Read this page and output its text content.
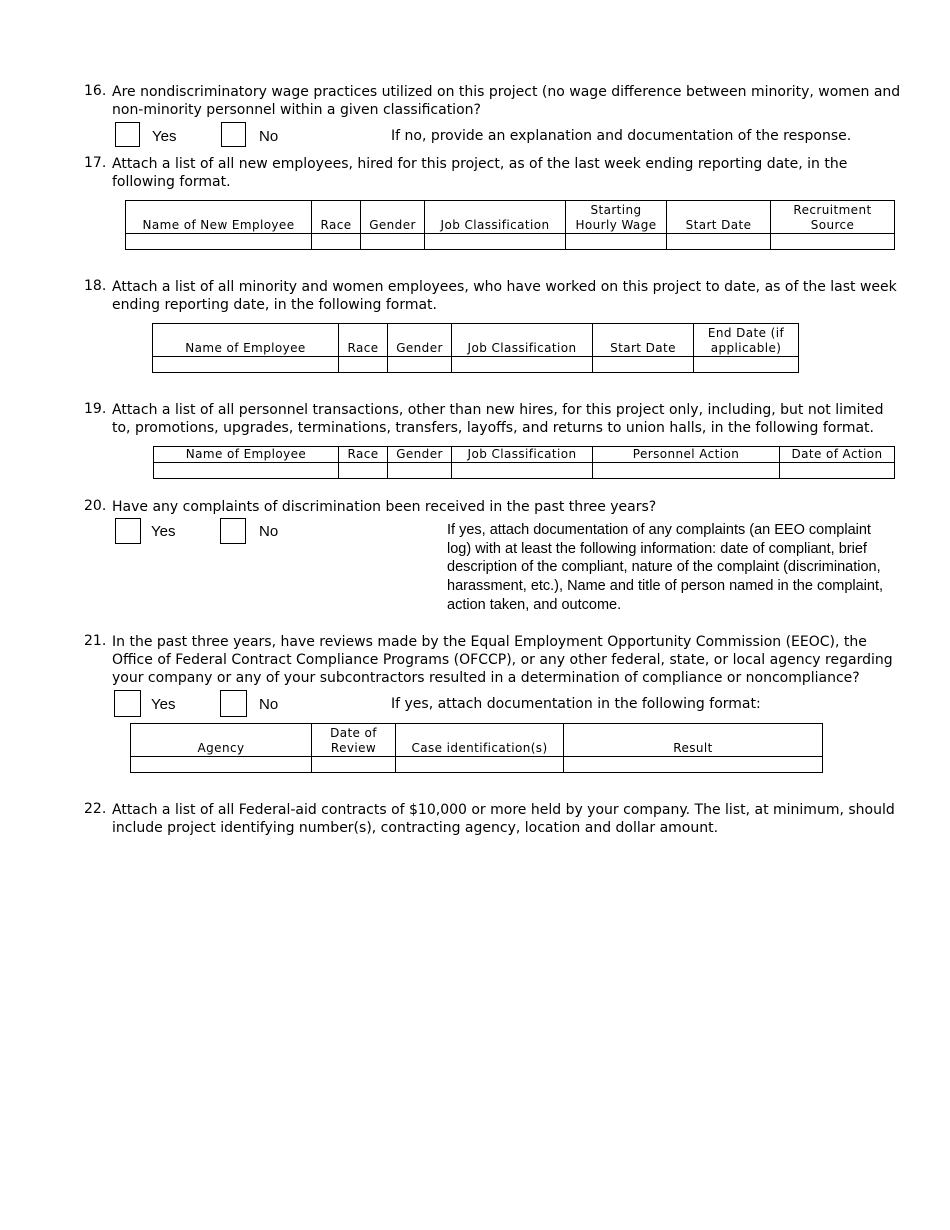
16. Are nondiscriminatory wage practices utilized on this project (no wage difference between minority, women and non-minority personnel within a given classification?
Yes	No	If no, provide an explanation and documentation of the response.
17. Attach a list of all new employees, hired for this project, as of the last week ending reporting date, in the following format.
Name of New Employee	Race	Gender	Job Classification	Starting Hourly Wage	Start Date	Recruitment Source

18. Attach a list of all minority and women employees, who have worked on this project to date, as of the last week ending reporting date, in the following format.
Name of Employee	Race	Gender	Job Classification	Start Date	End Date (if applicable)

19. Attach a list of all personnel transactions, other than new hires, for this project only, including, but not limited to, promotions, upgrades, terminations, transfers, layoffs, and returns to union halls, in the following format.
Name of Employee	Race	Gender	Job Classification	Personnel Action	Date of Action

20. Have any complaints of discrimination been received in the past three years?
Yes	No	If yes, attach documentation of any complaints (an EEO complaint log) with at least the following information: date of compliant, brief description of the compliant, nature of the complaint (discrimination, harassment, etc.), Name and title of person named in the complaint, action taken, and outcome.
21. In the past three years, have reviews made by the Equal Employment Opportunity Commission (EEOC), the Office of Federal Contract Compliance Programs (OFCCP), or any other federal, state, or local agency regarding your company or any of your subcontractors resulted in a determination of compliance or noncompliance?
Yes	No	If yes, attach documentation in the following format:
Agency	Date of Review	Case identification(s)	Result

22. Attach a list of all Federal-aid contracts of $10,000 or more held by your company. The list, at minimum, should include project identifying number(s), contracting agency, location and dollar amount.
